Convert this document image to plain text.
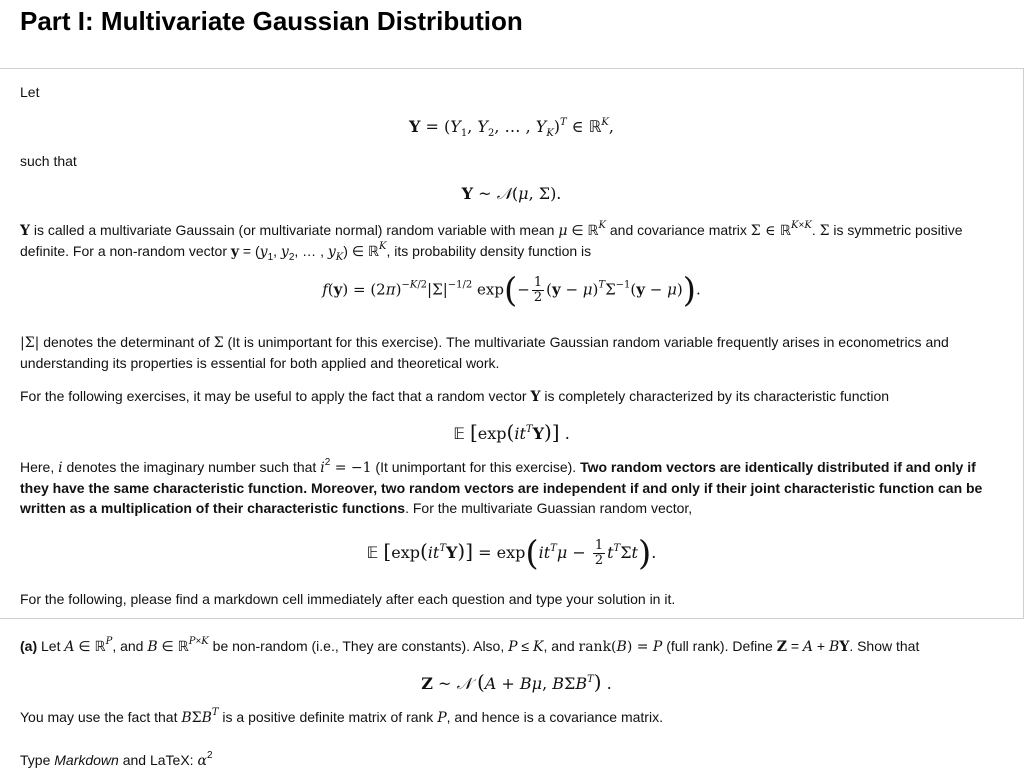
Part I: Multivariate Gaussian Distribution

Let

$Y = (Y_1$, $Y_2$, … , $Y_K)^T$ ∈ ℝ$^K$,

such that

Y ~ 𝒩(μ, Σ).

Y is called a multivariate Gaussain (or multivariate normal) random variable with mean μ ∈ ℝ$^K$ and covariance matrix Σ ∈ ℝ$^{K\times K}$. Σ is symmetric positive definite. For a non-random vector $y = (y_1$, $y_2$, … , $y_K$) ∈ ℝ$^K$, its probability density function is

$f(y) = (2\pi)^{-K/2}|\Sigma|^{-1/2}$ $\exp(- \frac{1}{2} (y - \mu)^T\Sigma^{-1}(y - \mu))$.

|Σ| denotes the determinant of Σ (It is unimportant for this exercise). The multivariate Gaussian random variable frequently arises in econometrics and understanding its properties is essential for both applied and theoretical work.

For the following exercises, it may be useful to apply the fact that a random vector Y is completely characterized by its characteristic function

𝔼 $[\exp(it^TY)]$ .

Here, i denotes the imaginary number such that $i^2 = -1$ (It unimportant for this exercise). Two random vectors are identically distributed if and only if they have the same characteristic function. Moreover, two random vectors are independent if and only if their joint characteristic function can be written as a multiplication of their characteristic functions. For the multivariate Guassian random vector,

𝔼 $[\exp(it^TY)] = \exp(it^T\mu - \frac{1}{2} t^T\Sigma t)$.

For the following, please find a markdown cell immediately after each question and type your solution in it.

(a) Let A ∈ ℝ$^P$, and B ∈ ℝ$^{P\times K}$ be non-random (i.e., They are constants). Also, P ≤ K, and rank(B) = P (full rank). Define Z = A + BY. Show that

Z ~ 𝒩 (A + Bμ, $B\Sigma B^T$) .

You may use the fact that $B\Sigma B^T$ is a positive definite matrix of rank P, and hence is a covariance matrix.

Type Markdown and LaTeX: $\alpha^2$
